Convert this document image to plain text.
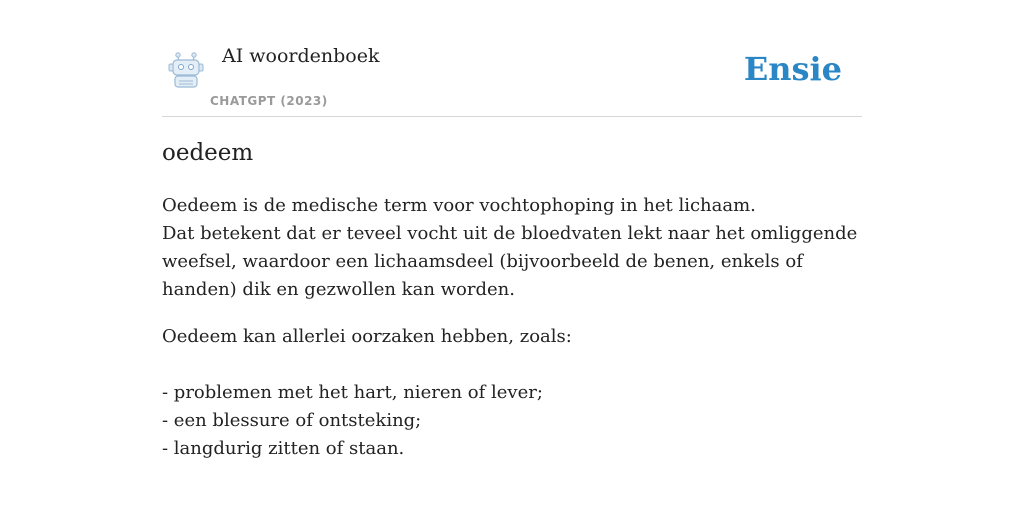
AI woordenboek
CHATGPT (2023)
Ensie
oedeem

Oedeem is de medische term voor vochtophoping in het lichaam.
Dat betekent dat er teveel vocht uit de bloedvaten lekt naar het omliggende weefsel, waardoor een lichaamsdeel (bijvoorbeeld de benen, enkels of handen) dik en gezwollen kan worden.

Oedeem kan allerlei oorzaken hebben, zoals:
- problemen met het hart, nieren of lever;
- een blessure of ontsteking;
- langdurig zitten of staan.
